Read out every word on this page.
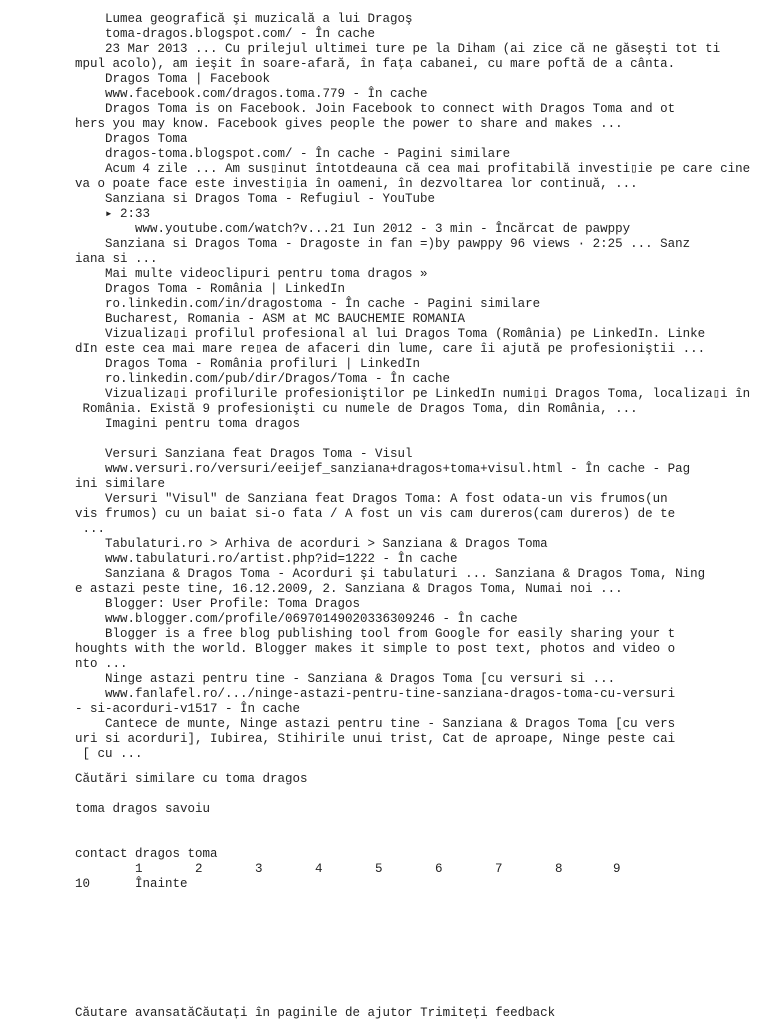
Lumea geografică şi muzicală a lui Dragoş
toma-dragos.blogspot.com/ - În cache
23 Mar 2013 ... Cu prilejul ultimei ture pe la Diham (ai zice că ne găseşti tot ti
mpul acolo), am ieşit în soare-afară, în faţa cabanei, cu mare poftă de a cânta.
Dragos Toma | Facebook
www.facebook.com/dragos.toma.779 - În cache
Dragos Toma is on Facebook. Join Facebook to connect with Dragos Toma and ot
hers you may know. Facebook gives people the power to share and makes ...
Dragos Toma
dragos-toma.blogspot.com/ - În cache - Pagini similare
Acum 4 zile ... Am sus▯inut întotdeauna că cea mai profitabilă investi▯ie pe care cine
va o poate face este investi▯ia în oameni, în dezvoltarea lor continuă, ...
Sanziana si Dragos Toma - Refugiul - YouTube
▸ 2:33
www.youtube.com/watch?v...21 Iun 2012 - 3 min - Încărcat de pawppy
Sanziana si Dragos Toma - Dragoste in fan =)by pawppy 96 views · 2:25 ... Sanz
iana si ...
Mai multe videoclipuri pentru toma dragos »
Dragos Toma - România | LinkedIn
ro.linkedin.com/in/dragostoma - În cache - Pagini similare
Bucharest, Romania - ASM at MC BAUCHEMIE ROMANIA
Vizualiza▯i profilul profesional al lui Dragos Toma (România) pe LinkedIn. Linke
dIn este cea mai mare re▯ea de afaceri din lume, care îi ajută pe profesioniştii ...
Dragos Toma - România profiluri | LinkedIn
ro.linkedin.com/pub/dir/Dragos/Toma - În cache
Vizualiza▯i profilurile profesioniştilor pe LinkedIn numi▯i Dragos Toma, localiza▯i în
România. Există 9 profesionişti cu numele de Dragos Toma, din România, ...
Imagini pentru toma dragos
Versuri Sanziana feat Dragos Toma - Visul
www.versuri.ro/versuri/eeijef_sanziana+dragos+toma+visul.html - În cache - Pag
ini similare
Versuri "Visul" de Sanziana feat Dragos Toma: A fost odata-un vis frumos(un
vis frumos) cu un baiat si-o fata / A fost un vis cam dureros(cam dureros) de te
...
Tabulaturi.ro > Arhiva de acorduri > Sanziana & Dragos Toma
www.tabulaturi.ro/artist.php?id=1222 - În cache
Sanziana & Dragos Toma - Acorduri şi tabulaturi ... Sanziana & Dragos Toma, Ning
e astazi peste tine, 16.12.2009, 2. Sanziana & Dragos Toma, Numai noi ...
Blogger: User Profile: Toma Dragos
www.blogger.com/profile/06970149020336309246 - În cache
Blogger is a free blog publishing tool from Google for easily sharing your t
houghts with the world. Blogger makes it simple to post text, photos and video o
nto ...
Ninge astazi pentru tine - Sanziana & Dragos Toma [cu versuri si ...
www.fanlafel.ro/.../ninge-astazi-pentru-tine-sanziana-dragos-toma-cu-versuri
- si-acorduri-v1517 - În cache
Cantece de munte, Ninge astazi pentru tine - Sanziana & Dragos Toma [cu vers
uri si acorduri], Iubirea, Stihirile unui trist, Cat de aproape, Ninge peste cai
[ cu ...
Căutări similare cu toma dragos

toma dragos savoiu
contact dragos toma
1	2	3	4	5	6	7	8	9
10	Înainte
Căutare avansatăCăutați în paginile de ajutor Trimiteți feedback
